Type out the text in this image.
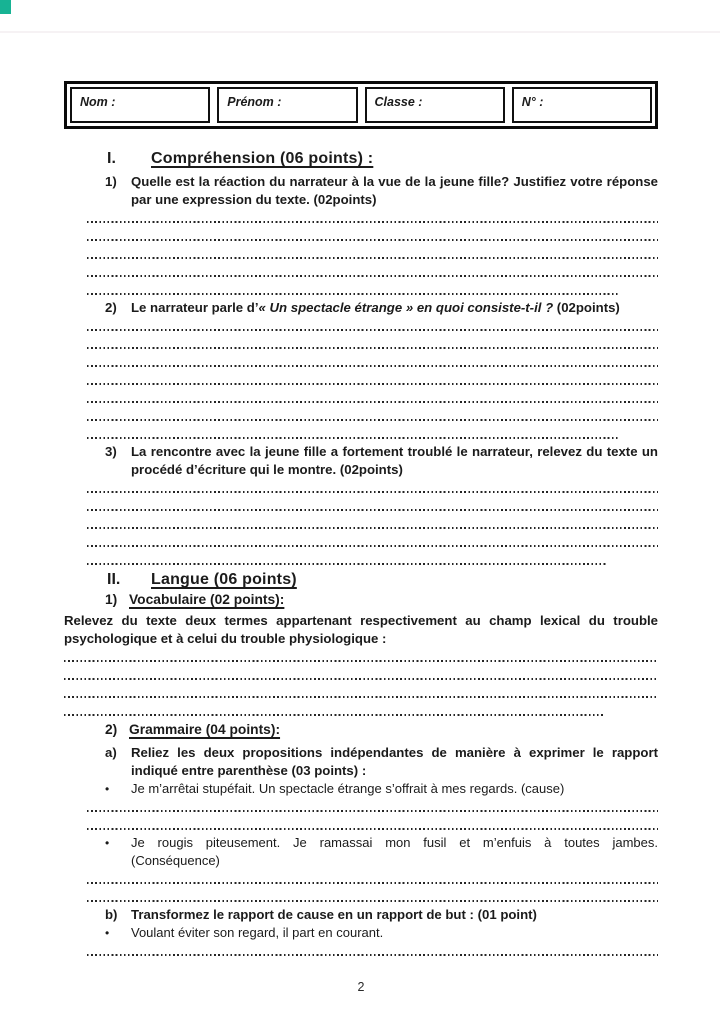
Nom :	Prénom :	Classe :	N° :
I.	Compréhension (06 points) :
1)	Quelle est la réaction du narrateur à la vue de la jeune fille? Justifiez votre réponse par une expression du texte. (02points)
2)	Le narrateur parle d’« Un spectacle étrange » en quoi consiste-t-il ? (02points)
3)	La rencontre avec la jeune fille a fortement troublé le narrateur, relevez du texte un procédé d’écriture qui le montre. (02points)
II.	Langue (06 points)
1) Vocabulaire (02 points):
Relevez du texte deux termes appartenant respectivement au champ lexical du trouble psychologique et à celui du trouble physiologique :
2) Grammaire (04 points):
a)	Reliez les deux propositions indépendantes de manière à exprimer le rapport indiqué entre parenthèse (03 points) :
•	Je m’arrêtai stupéfait. Un spectacle étrange s’offrait à mes regards. (cause)
•	Je rougis piteusement. Je ramassai mon fusil et m’enfuis à toutes jambes.
(Conséquence)
b)	Transformez le rapport de cause en un rapport de but : (01 point)
•	Voulant éviter son regard, il part en courant.
2
